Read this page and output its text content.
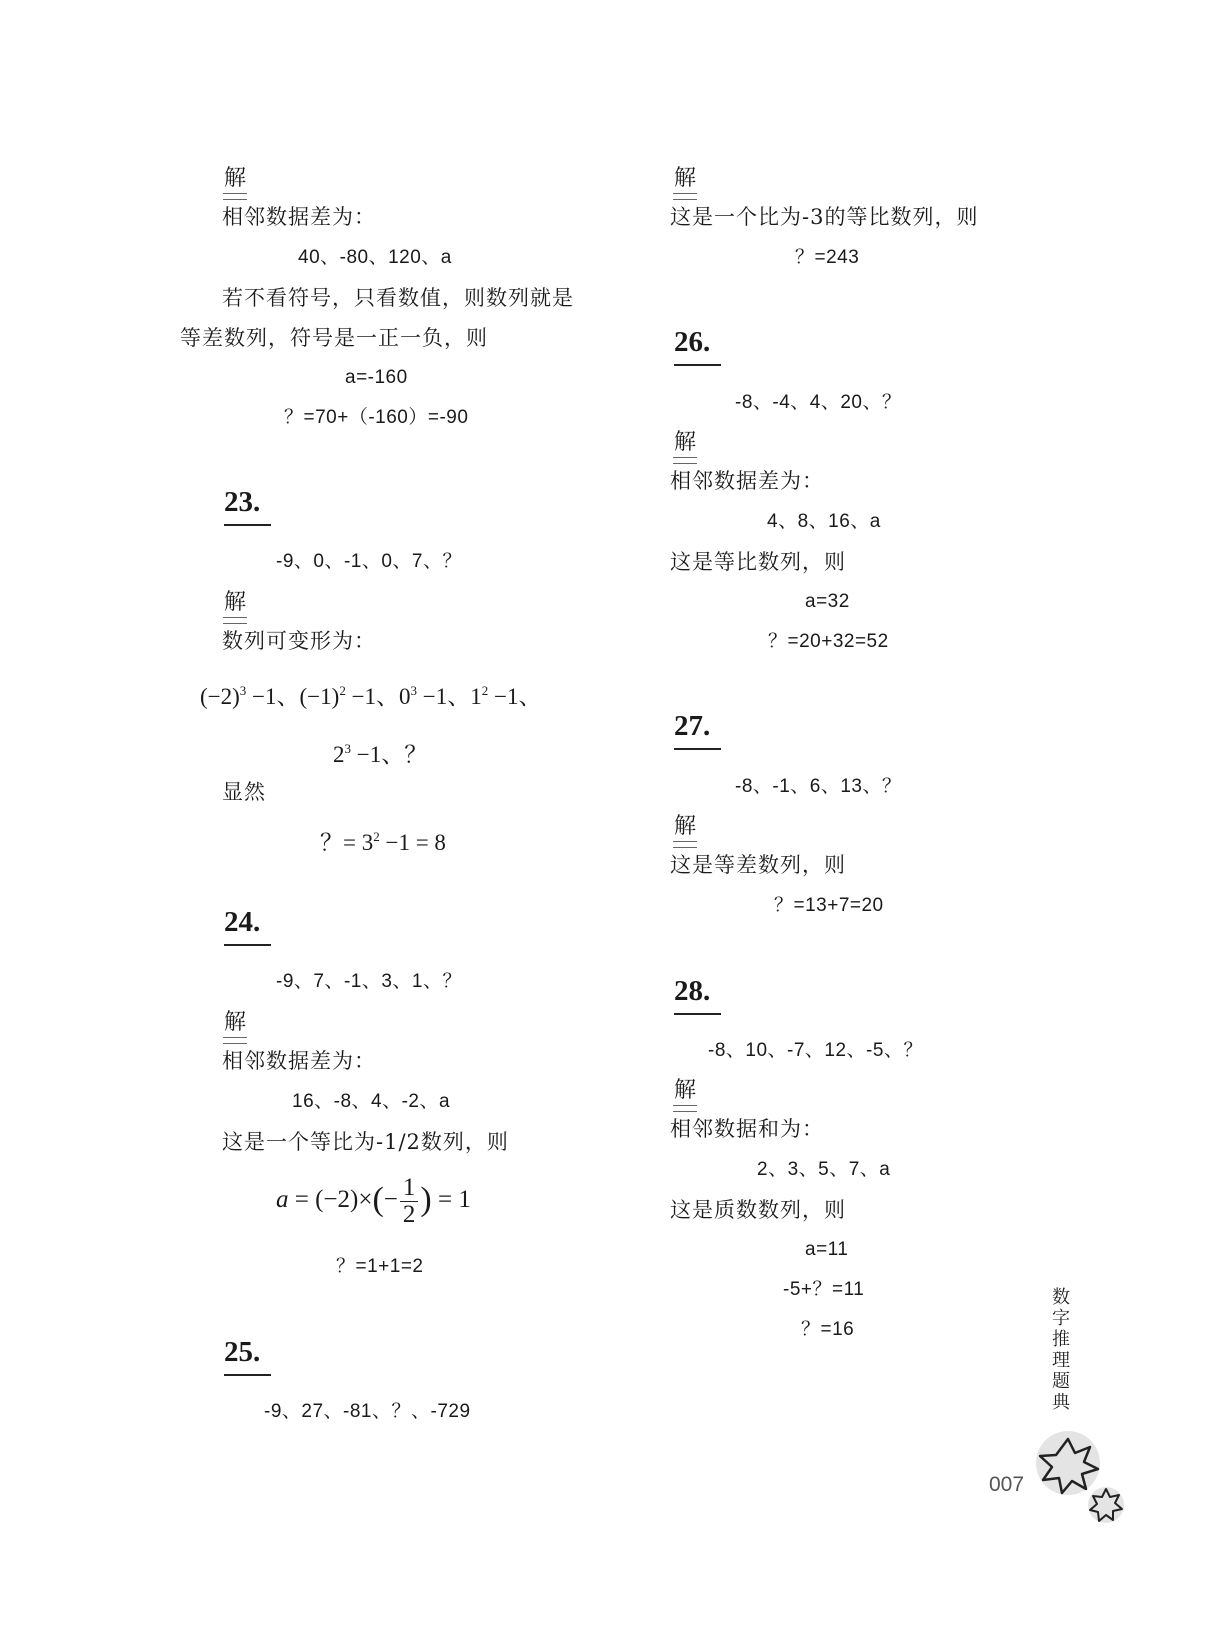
解
相邻数据差为：
40、-80、120、a
若不看符号，只看数值，则数列就是
等差数列，符号是一正一负，则
a=-160
？=70+（-160）=-90
23.
-9、0、-1、0、7、？
解
数列可变形为：
$(-2)^3 -1$、$(-1)^2 -1$、$0^3 -1$、$1^2 -1$、
$2^3 -1$、？
显然
？= $3^2 -1 = 8$
24.
-9、7、-1、3、1、？
解
相邻数据差为：
16、-8、4、-2、a
这是一个等比为-1/2数列，则
$a = (-2)\times(- \frac{1}{2}$ ) = 1
？=1+1=2
25.
-9、27、-81、？、-729
解
这是一个比为-3的等比数列，则
？=243
26.
-8、-4、4、20、？
解
相邻数据差为：
4、8、16、a
这是等比数列，则
a=32
？=20+32=52
27.
-8、-1、6、13、？
解
这是等差数列，则
？=13+7=20
28.
-8、10、-7、12、-5、？
解
相邻数据和为：
2、3、5、7、a
这是质数数列，则
a=11
-5+？=11
？=16
数
字
推
理
题
典
007
